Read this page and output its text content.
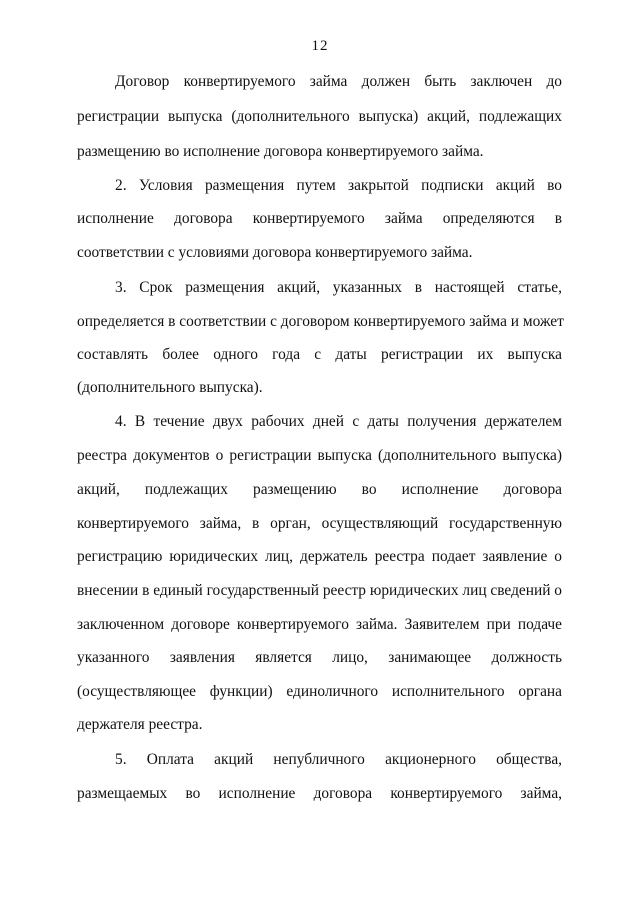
12
Договор конвертируемого займа должен быть заключен до
регистрации выпуска (дополнительного выпуска) акций, подлежащих
размещению во исполнение договора конвертируемого займа.
2. Условия размещения путем закрытой подписки акций во
исполнение договора конвертируемого займа определяются в
соответствии с условиями договора конвертируемого займа.
3. Срок размещения акций, указанных в настоящей статье,
определяется в соответствии с договором конвертируемого займа и может
составлять более одного года с даты регистрации их выпуска
(дополнительного выпуска).
4. В течение двух рабочих дней с даты получения держателем
реестра документов о регистрации выпуска (дополнительного выпуска)
акций, подлежащих размещению во исполнение договора
конвертируемого займа, в орган, осуществляющий государственную
регистрацию юридических лиц, держатель реестра подает заявление о
внесении в единый государственный реестр юридических лиц сведений о
заключенном договоре конвертируемого займа. Заявителем при подаче
указанного заявления является лицо, занимающее должность
(осуществляющее функции) единоличного исполнительного органа
держателя реестра.
5. Оплата акций непубличного акционерного общества,
размещаемых во исполнение договора конвертируемого займа,
